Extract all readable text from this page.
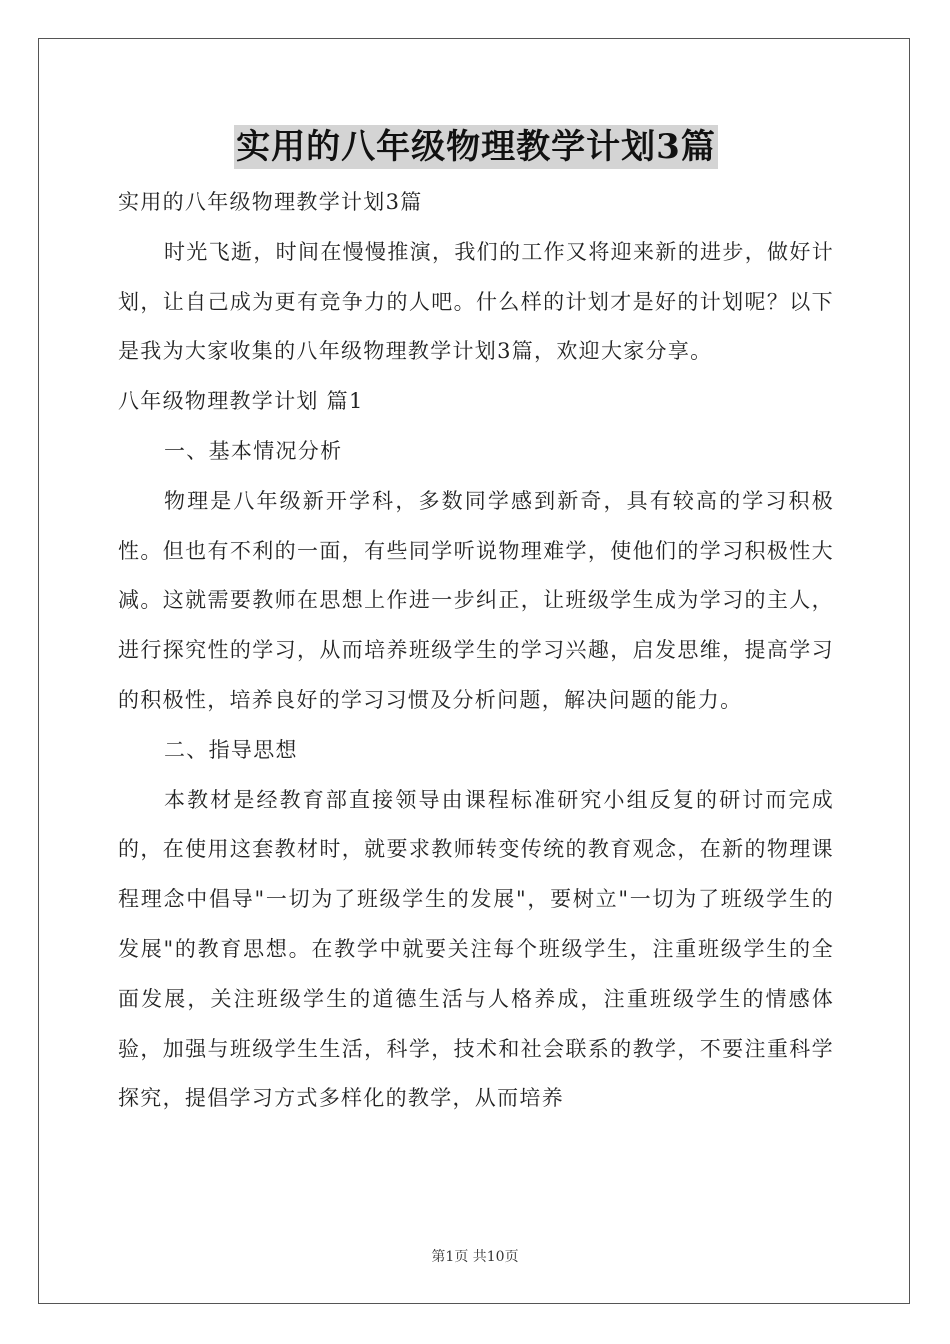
实用的八年级物理教学计划3篇

实用的八年级物理教学计划3篇

时光飞逝，时间在慢慢推演，我们的工作又将迎来新的进步，做好计划，让自己成为更有竞争力的人吧。什么样的计划才是好的计划呢？以下是我为大家收集的八年级物理教学计划3篇，欢迎大家分享。

八年级物理教学计划 篇1

一、基本情况分析

物理是八年级新开学科，多数同学感到新奇，具有较高的学习积极性。但也有不利的一面，有些同学听说物理难学，使他们的学习积极性大减。这就需要教师在思想上作进一步纠正，让班级学生成为学习的主人，进行探究性的学习，从而培养班级学生的学习兴趣，启发思维，提高学习的积极性，培养良好的学习习惯及分析问题，解决问题的能力。

二、指导思想

本教材是经教育部直接领导由课程标准研究小组反复的研讨而完成的，在使用这套教材时，就要求教师转变传统的教育观念，在新的物理课程理念中倡导"一切为了班级学生的发展"，要树立"一切为了班级学生的发展"的教育思想。在教学中就要关注每个班级学生，注重班级学生的全面发展，关注班级学生的道德生活与人格养成，注重班级学生的情感体验，加强与班级学生生活，科学，技术和社会联系的教学，不要注重科学探究，提倡学习方式多样化的教学，从而培养

第1页 共10页
